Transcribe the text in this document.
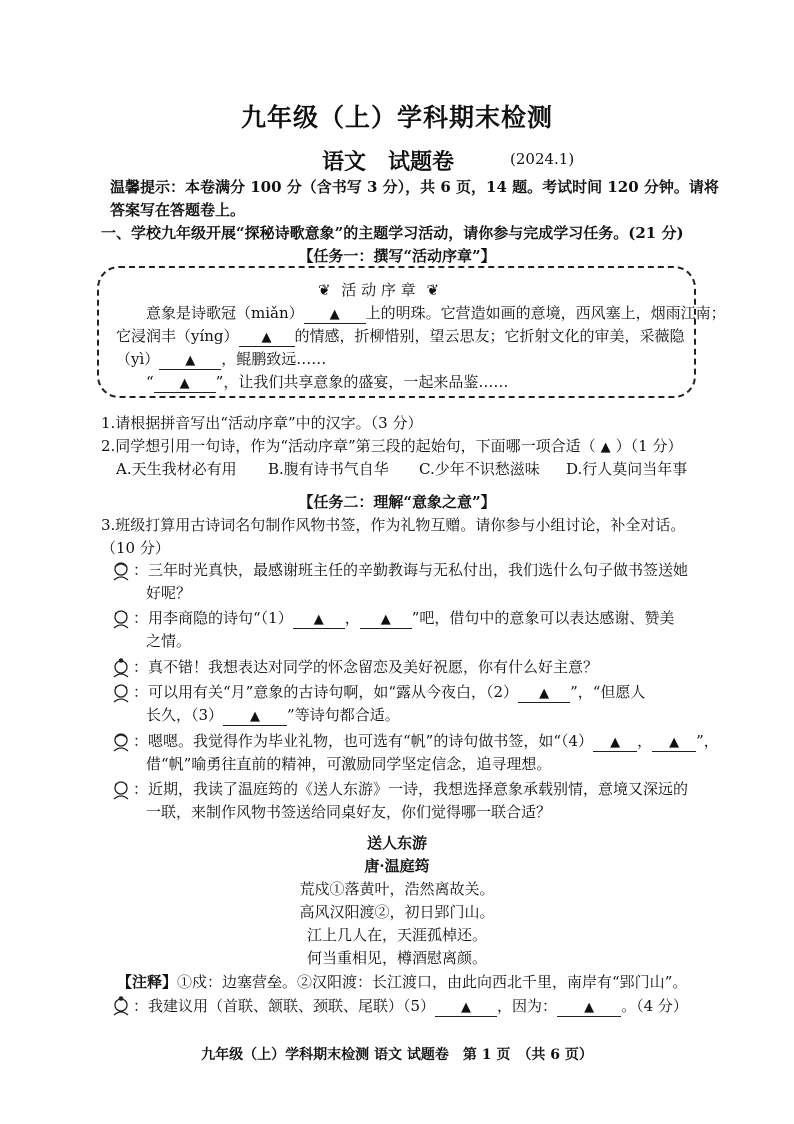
九年级（上）学科期末检测
语文　试题卷	(2024.1)
温馨提示：本卷满分 100 分（含书写 3 分），共 6 页，14 题。考试时间 120 分钟。请将
答案写在答题卷上。
一、学校九年级开展“探秘诗歌意象”的主题学习活动，请你参与完成学习任务。(21 分)
【任务一：撰写“活动序章”】
❦ 活 动 序 章 ❦
意象是诗歌冠（miǎn） ▲ 上的明珠。它营造如画的意境，西风塞上，烟雨江南；
它浸润丰（yíng） ▲ 的情感，折柳惜别，望云思友；它折射文化的审美，采薇隐
（yì） ▲ ，鲲鹏致远……
“ ▲ ”，让我们共享意象的盛宴，一起来品鉴……
1.请根据拼音写出“活动序章”中的汉字。（3 分）
2.同学想引用一句诗，作为“活动序章”第三段的起始句，下面哪一项合适（ ▲ ）（1 分）
A.天生我材必有用 B.腹有诗书气自华 C.少年不识愁滋味 D.行人莫问当年事
【任务二：理解“意象之意”】
3.班级打算用古诗词名句制作风物书签，作为礼物互赠。请你参与小组讨论，补全对话。
（10 分）
：三年时光真快，最感谢班主任的辛勤教诲与无私付出，我们选什么句子做书签送她
好呢？
：用李商隐的诗句“（1） ▲ ， ▲ ”吧，借句中的意象可以表达感谢、赞美
之情。
：真不错！我想表达对同学的怀念留恋及美好祝愿，你有什么好主意？
：可以用有关“月”意象的古诗句啊，如“露从今夜白，（2） ▲ ”，“但愿人
长久，（3） ▲ ”等诗句都合适。
：嗯嗯。我觉得作为毕业礼物，也可选有“帆”的诗句做书签，如“（4） ▲ ， ▲ ”，
借“帆”喻勇往直前的精神，可激励同学坚定信念，追寻理想。
：近期，我读了温庭筠的《送人东游》一诗，我想选择意象承载别情，意境又深远的
一联，来制作风物书签送给同桌好友，你们觉得哪一联合适？
送人东游
唐·温庭筠
荒戍①落黄叶，浩然离故关。
高风汉阳渡②，初日郢门山。
江上几人在，天涯孤棹还。
何当重相见，樽酒慰离颜。
【注释】①戍：边塞营垒。②汉阳渡：长江渡口，由此向西北千里，南岸有“郢门山”。
：我建议用（首联、颔联、颈联、尾联）（5） ▲ ，因为： ▲ 。（4 分）
九年级（上）学科期末检测 语文 试题卷　第 1 页　（共 6 页）
